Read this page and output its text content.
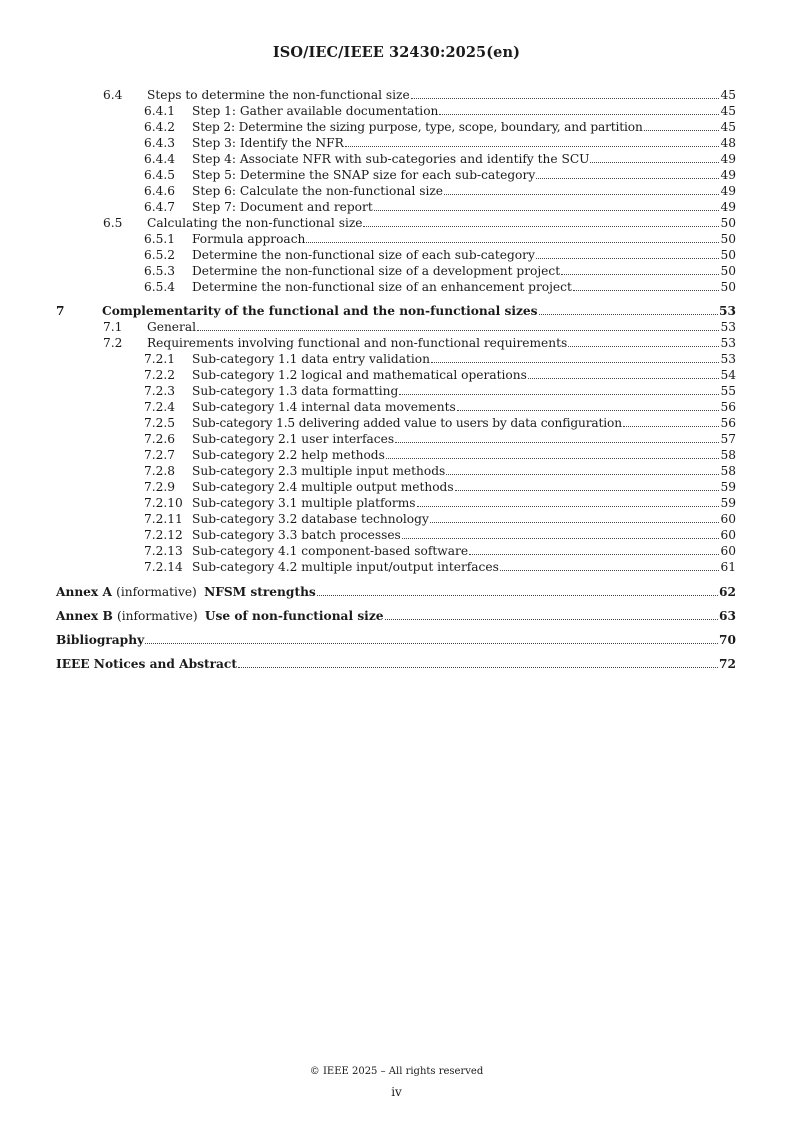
ISO/IEC/IEEE 32430:2025(en)
6.4 Steps to determine the non-functional size	45
6.4.1 Step 1: Gather available documentation	45
6.4.2 Step 2: Determine the sizing purpose, type, scope, boundary, and partition	45
6.4.3 Step 3: Identify the NFR	48
6.4.4 Step 4: Associate NFR with sub-categories and identify the SCU	49
6.4.5 Step 5: Determine the SNAP size for each sub-category	49
6.4.6 Step 6: Calculate the non-functional size	49
6.4.7 Step 7: Document and report	49
6.5 Calculating the non-functional size	50
6.5.1 Formula approach	50
6.5.2 Determine the non-functional size of each sub-category	50
6.5.3 Determine the non-functional size of a development project	50
6.5.4 Determine the non-functional size of an enhancement project	50
7	Complementarity of the functional and the non-functional sizes	53
7.1 General	53
7.2 Requirements involving functional and non-functional requirements	53
7.2.1 Sub-category 1.1 data entry validation	53
7.2.2 Sub-category 1.2 logical and mathematical operations	54
7.2.3 Sub-category 1.3 data formatting	55
7.2.4 Sub-category 1.4 internal data movements	56
7.2.5 Sub-category 1.5 delivering added value to users by data configuration	56
7.2.6 Sub-category 2.1 user interfaces	57
7.2.7 Sub-category 2.2 help methods	58
7.2.8 Sub-category 2.3 multiple input methods	58
7.2.9 Sub-category 2.4 multiple output methods	59
7.2.10 Sub-category 3.1 multiple platforms	59
7.2.11 Sub-category 3.2 database technology	60
7.2.12 Sub-category 3.3 batch processes	60
7.2.13 Sub-category 4.1 component-based software	60
7.2.14 Sub-category 4.2 multiple input/output interfaces	61
Annex A (informative) NFSM strengths	62
Annex B (informative) Use of non-functional size	63
Bibliography	70
IEEE Notices and Abstract	72
© IEEE 2025 – All rights reserved
iv
